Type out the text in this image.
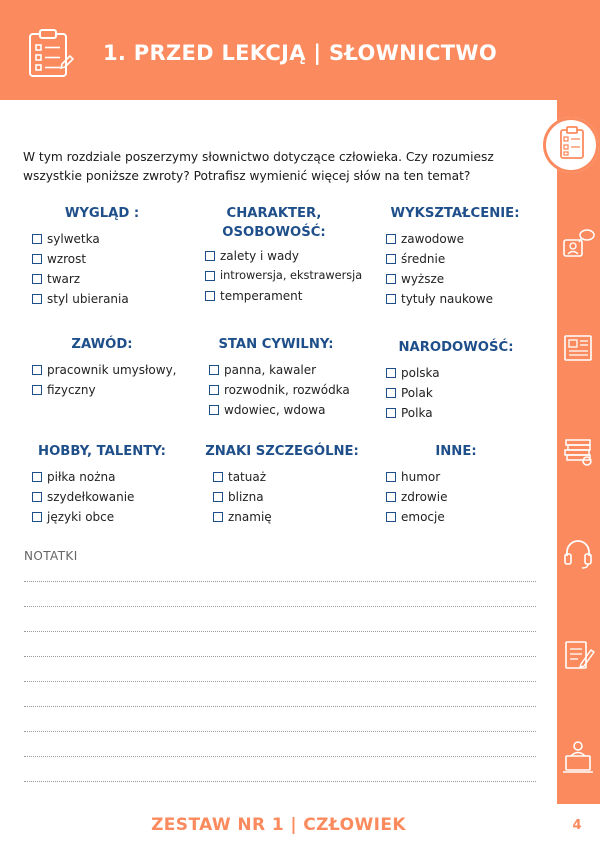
1. PRZED LEKCJĄ | SŁOWNICTWO

W tym rozdziale poszerzymy słownictwo dotyczące człowieka. Czy rozumiesz wszystkie poniższe zwroty? Potrafisz wymienić więcej słów na ten temat?

WYGLĄD :
sylwetka
wzrost
twarz
styl ubierania
CHARAKTER,
OSOBOWOŚĆ:
zalety i wady
introwersja, ekstrawersja
temperament
WYKSZTAŁCENIE:
zawodowe
średnie
wyższe
tytuły naukowe
ZAWÓD:
pracownik umysłowy,
fizyczny
STAN CYWILNY:
panna, kawaler
rozwodnik, rozwódka
wdowiec, wdowa
NARODOWOŚĆ:
polska
Polak
Polka
HOBBY, TALENTY:
piłka nożna
szydełkowanie
języki obce
ZNAKI SZCZEGÓLNE:
tatuaż
blizna
znamię
INNE:
humor
zdrowie
emocje
NOTATKI
ZESTAW NR 1 | CZŁOWIEK	4
